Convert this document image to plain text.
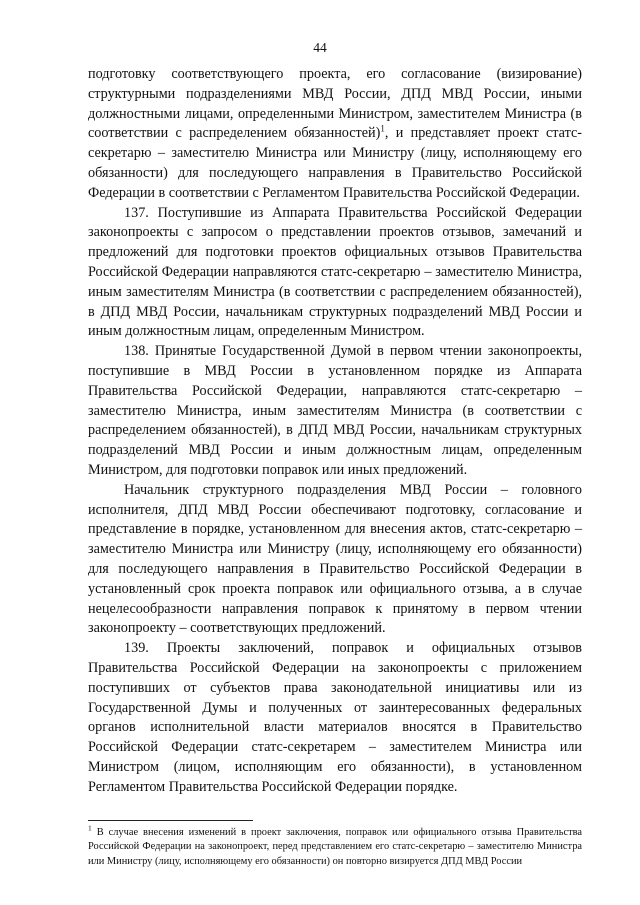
44

подготовку соответствующего проекта, его согласование (визирование) структурными подразделениями МВД России, ДПД МВД России, иными должностными лицами, определенными Министром, заместителем Министра (в соответствии с распределением обязанностей)$^1$, и представляет проект статс-секретарю – заместителю Министра или Министру (лицу, исполняющему его обязанности) для последующего направления в Правительство Российской Федерации в соответствии с Регламентом Правительства Российской Федерации.

137. Поступившие из Аппарата Правительства Российской Федерации законопроекты с запросом о представлении проектов отзывов, замечаний и предложений для подготовки проектов официальных отзывов Правительства Российской Федерации направляются статс-секретарю – заместителю Министра, иным заместителям Министра (в соответствии с распределением обязанностей), в ДПД МВД России, начальникам структурных подразделений МВД России и иным должностным лицам, определенным Министром.

138. Принятые Государственной Думой в первом чтении законопроекты, поступившие в МВД России в установленном порядке из Аппарата Правительства Российской Федерации, направляются статс-секретарю – заместителю Министра, иным заместителям Министра (в соответствии с распределением обязанностей), в ДПД МВД России, начальникам структурных подразделений МВД России и иным должностным лицам, определенным Министром, для подготовки поправок или иных предложений.

Начальник структурного подразделения МВД России – головного исполнителя, ДПД МВД России обеспечивают подготовку, согласование и представление в порядке, установленном для внесения актов, статс-секретарю – заместителю Министра или Министру (лицу, исполняющему его обязанности) для последующего направления в Правительство Российской Федерации в установленный срок проекта поправок или официального отзыва, а в случае нецелесообразности направления поправок к принятому в первом чтении законопроекту – соответствующих предложений.

139. Проекты заключений, поправок и официальных отзывов Правительства Российской Федерации на законопроекты с приложением поступивших от субъектов права законодательной инициативы или из Государственной Думы и полученных от заинтересованных федеральных органов исполнительной власти материалов вносятся в Правительство Российской Федерации статс-секретарем – заместителем Министра или Министром (лицом, исполняющим его обязанности), в установленном Регламентом Правительства Российской Федерации порядке.

$^1$ В случае внесения изменений в проект заключения, поправок или официального отзыва Правительства Российской Федерации на законопроект, перед представлением его статс-секретарю – заместителю Министра или Министру (лицу, исполняющему его обязанности) он повторно визируется ДПД МВД России
